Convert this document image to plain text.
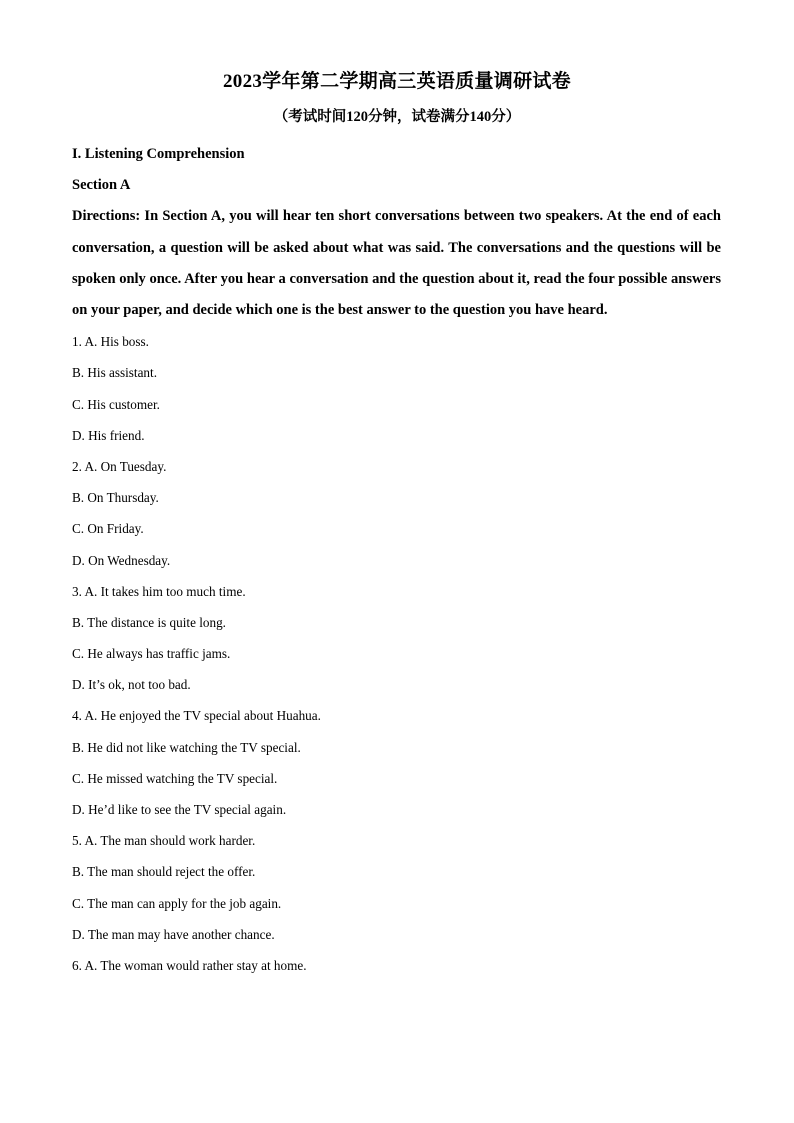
2023学年第二学期高三英语质量调研试卷
（考试时间120分钟，试卷满分140分）
I. Listening Comprehension
Section A

Directions: In Section A, you will hear ten short conversations between two speakers. At the end of each conversation, a question will be asked about what was said. The conversations and the questions will be spoken only once. After you hear a conversation and the question about it, read the four possible answers on your paper, and decide which one is the best answer to the question you have heard.

1. A. His boss.
B. His assistant.
C. His customer.
D. His friend.
2. A. On Tuesday.
B. On Thursday.
C. On Friday.
D. On Wednesday.
3. A. It takes him too much time.
B. The distance is quite long.
C. He always has traffic jams.
D. It’s ok, not too bad.
4. A. He enjoyed the TV special about Huahua.
B. He did not like watching the TV special.
C. He missed watching the TV special.
D. He’d like to see the TV special again.
5. A. The man should work harder.
B. The man should reject the offer.
C. The man can apply for the job again.
D. The man may have another chance.
6. A. The woman would rather stay at home.
